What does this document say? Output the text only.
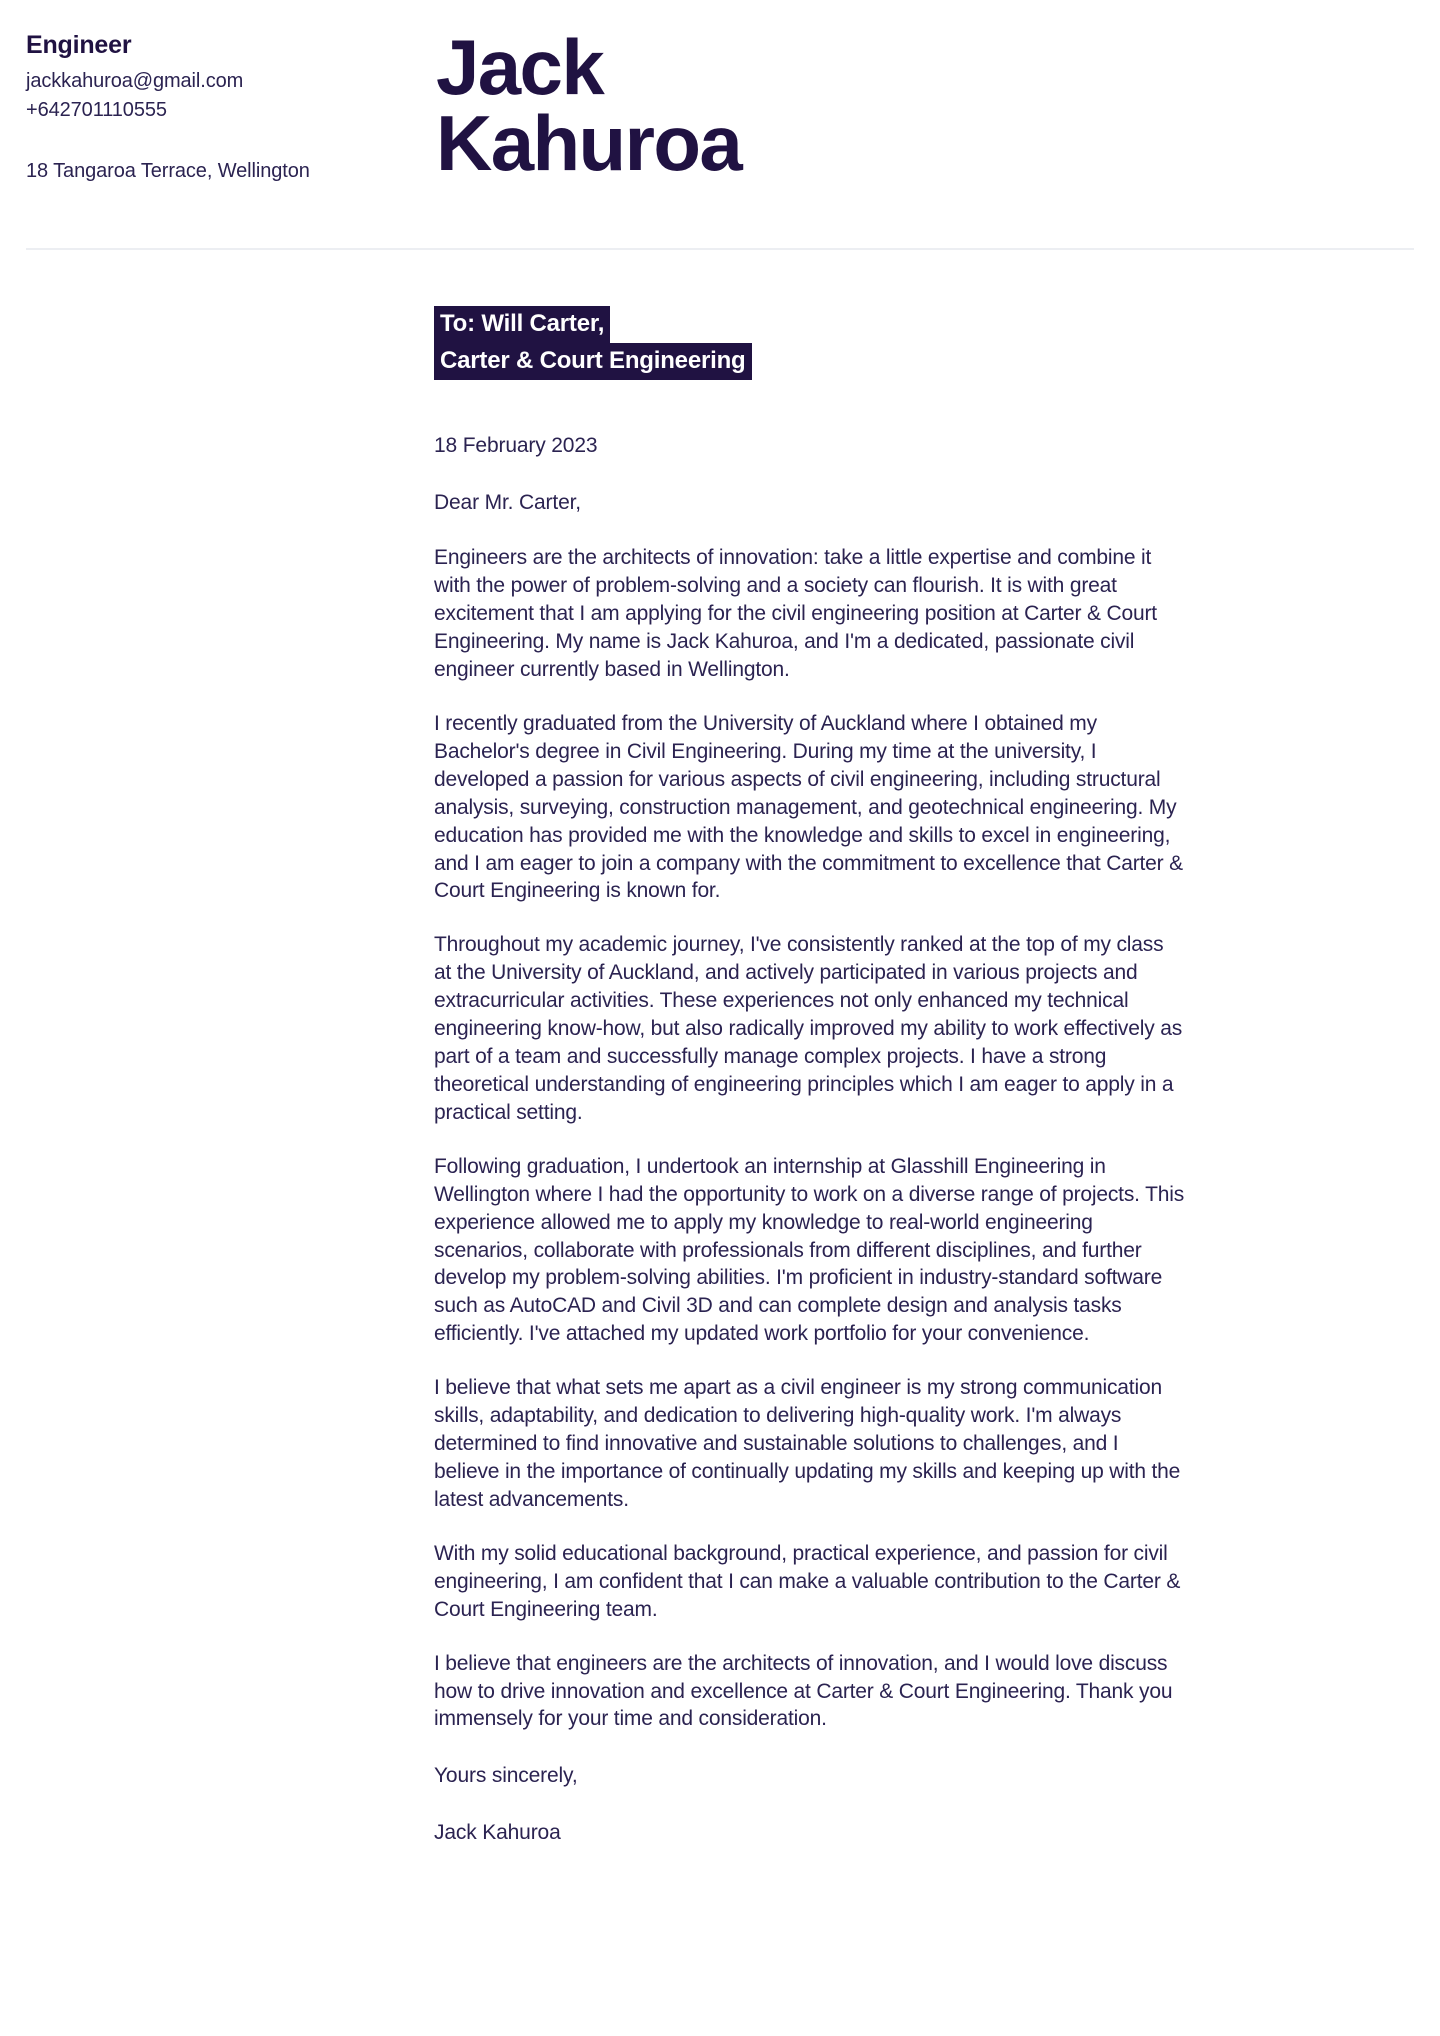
Engineer
jackkahuroa@gmail.com
+642701110555
18 Tangaroa Terrace, Wellington
Jack
Kahuroa
To: Will Carter,
Carter & Court Engineering
18 February 2023
Dear Mr. Carter,

Engineers are the architects of innovation: take a little expertise and combine it with the power of problem-solving and a society can flourish. It is with great excitement that I am applying for the civil engineering position at Carter & Court Engineering. My name is Jack Kahuroa, and I'm a dedicated, passionate civil engineer currently based in Wellington.

I recently graduated from the University of Auckland where I obtained my Bachelor's degree in Civil Engineering. During my time at the university, I developed a passion for various aspects of civil engineering, including structural analysis, surveying, construction management, and geotechnical engineering. My education has provided me with the knowledge and skills to excel in engineering, and I am eager to join a company with the commitment to excellence that Carter & Court Engineering is known for.

Throughout my academic journey, I've consistently ranked at the top of my class at the University of Auckland, and actively participated in various projects and extracurricular activities. These experiences not only enhanced my technical engineering know-how, but also radically improved my ability to work effectively as part of a team and successfully manage complex projects. I have a strong theoretical understanding of engineering principles which I am eager to apply in a practical setting.

Following graduation, I undertook an internship at Glasshill Engineering in Wellington where I had the opportunity to work on a diverse range of projects. This experience allowed me to apply my knowledge to real-world engineering scenarios, collaborate with professionals from different disciplines, and further develop my problem-solving abilities. I'm proficient in industry-standard software such as AutoCAD and Civil 3D and can complete design and analysis tasks efficiently. I've attached my updated work portfolio for your convenience.

I believe that what sets me apart as a civil engineer is my strong communication skills, adaptability, and dedication to delivering high-quality work. I'm always determined to find innovative and sustainable solutions to challenges, and I believe in the importance of continually updating my skills and keeping up with the latest advancements.

With my solid educational background, practical experience, and passion for civil engineering, I am confident that I can make a valuable contribution to the Carter & Court Engineering team.

I believe that engineers are the architects of innovation, and I would love discuss how to drive innovation and excellence at Carter & Court Engineering. Thank you immensely for your time and consideration.

Yours sincerely,
Jack Kahuroa
